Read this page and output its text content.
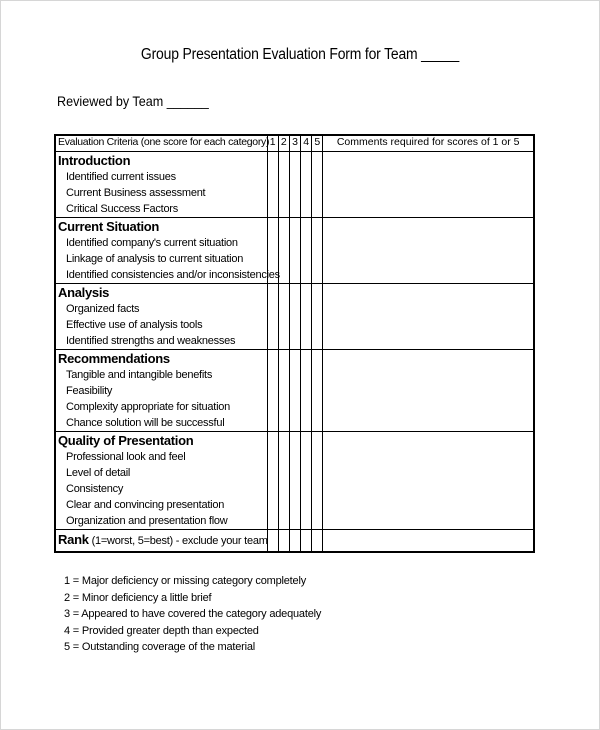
Group Presentation Evaluation Form for Team _____
Reviewed by Team ______
Evaluation Criteria (one score for each category)	1	2	3	4	5	Comments required for scores of 1 or 5
Introduction						
Identified current issues						
Current Business assessment						
Critical Success Factors						
Current Situation						
Identified company's current situation						
Linkage of analysis to current situation						
Identified consistencies and/or inconsistencies						
Analysis						
Organized facts						
Effective use of analysis tools						
Identified strengths and weaknesses						
Recommendations						
Tangible and intangible benefits						
Feasibility						
Complexity appropriate for situation						
Chance solution will be successful						
Quality of Presentation						
Professional look and feel						
Level of detail						
Consistency						
Clear and convincing presentation						
Organization and presentation flow						
Rank (1=worst, 5=best) - exclude your team						
1 = Major deficiency or missing category completely
2 = Minor deficiency a little brief
3 = Appeared to have covered the category adequately
4 = Provided greater depth than expected
5 = Outstanding coverage of the material
